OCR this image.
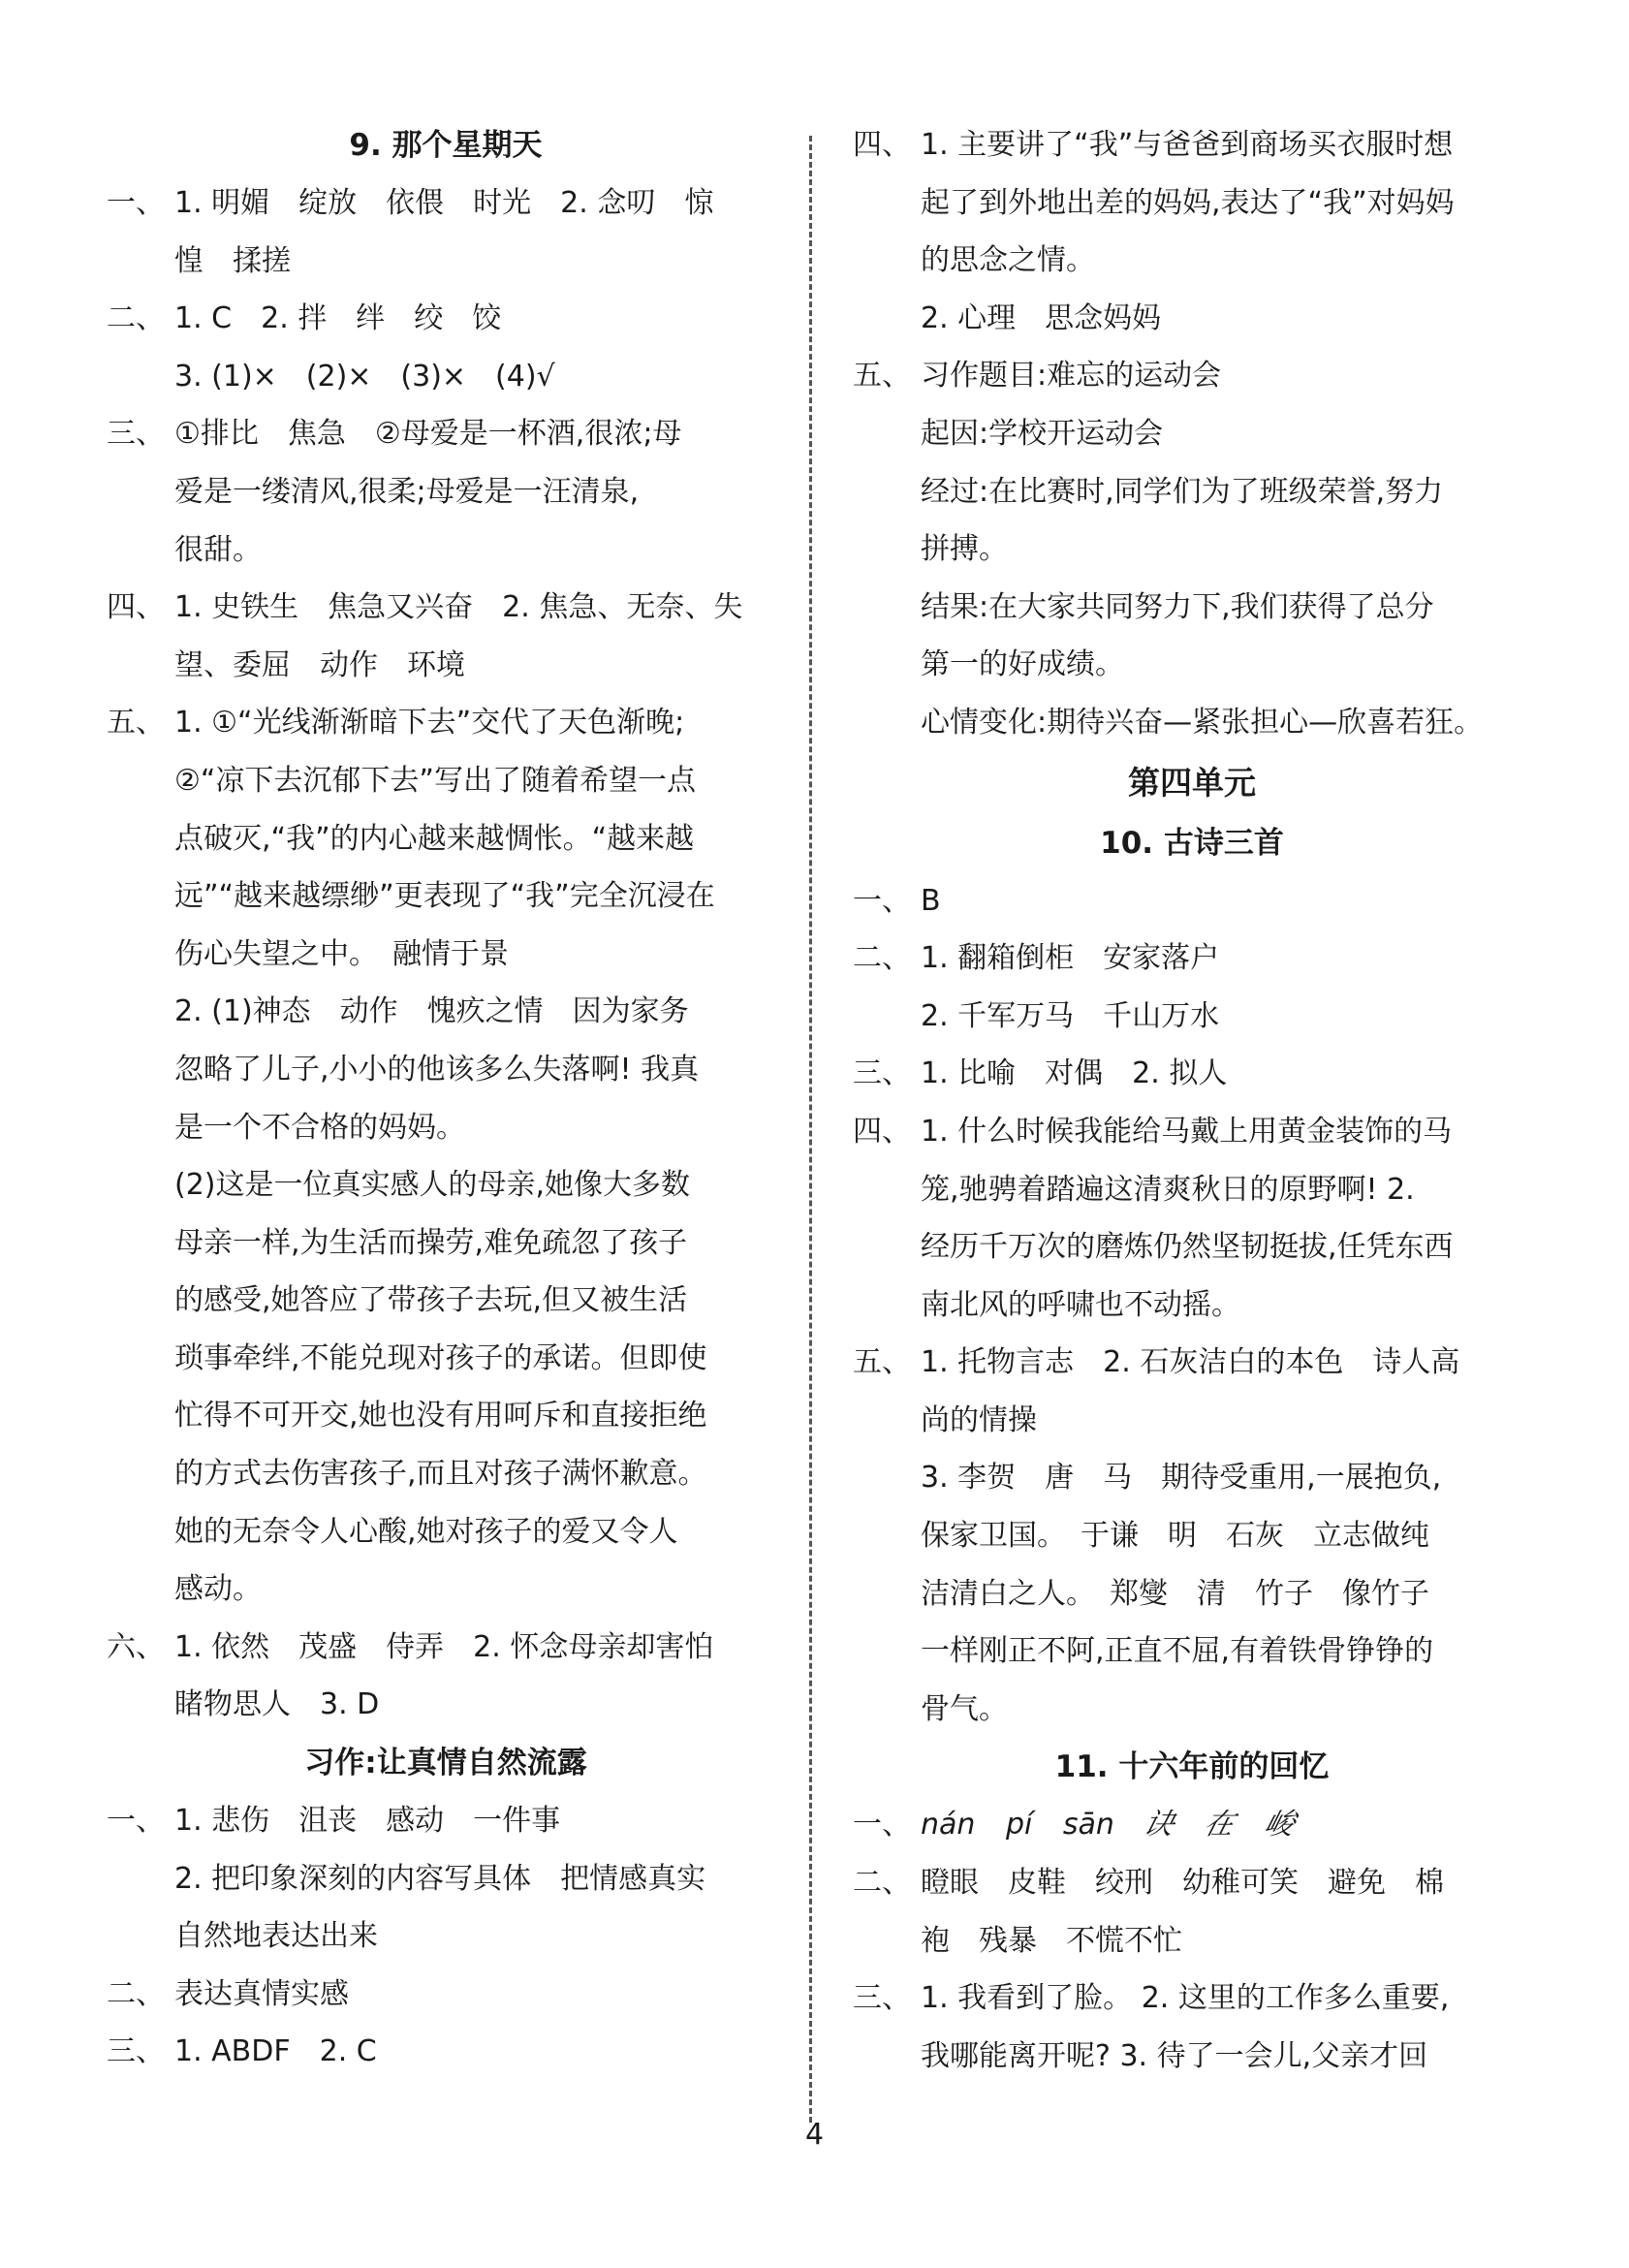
9. 那个星期天
一、 1. 明媚　绽放　依偎　时光　2. 念叨　惊
惶　揉搓
二、 1. C　2. 拌　绊　绞　饺
3. (1)×　(2)×　(3)×　(4)√
三、 ①排比　焦急　②母爱是一杯酒,很浓;母
爱是一缕清风,很柔;母爱是一汪清泉,
很甜。
四、 1. 史铁生　焦急又兴奋　2. 焦急、无奈、失
望、委屈　动作　环境
五、 1. ①“光线渐渐暗下去”交代了天色渐晚;
②“凉下去沉郁下去”写出了随着希望一点
点破灭,“我”的内心越来越惆怅。“越来越
远”“越来越缥缈”更表现了“我”完全沉浸在
伤心失望之中。　融情于景
2. (1)神态　动作　愧疚之情　因为家务
忽略了儿子,小小的他该多么失落啊! 我真
是一个不合格的妈妈。
(2)这是一位真实感人的母亲,她像大多数
母亲一样,为生活而操劳,难免疏忽了孩子
的感受,她答应了带孩子去玩,但又被生活
琐事牵绊,不能兑现对孩子的承诺。但即使
忙得不可开交,她也没有用呵斥和直接拒绝
的方式去伤害孩子,而且对孩子满怀歉意。
她的无奈令人心酸,她对孩子的爱又令人
感动。
六、 1. 依然　茂盛　侍弄　2. 怀念母亲却害怕
睹物思人　3. D
习作:让真情自然流露
一、 1. 悲伤　沮丧　感动　一件事
2. 把印象深刻的内容写具体　把情感真实
自然地表达出来
二、 表达真情实感
三、 1. ABDF　2. C
四、 1. 主要讲了“我”与爸爸到商场买衣服时想
起了到外地出差的妈妈,表达了“我”对妈妈
的思念之情。
2. 心理　思念妈妈
五、 习作题目:难忘的运动会
起因:学校开运动会
经过:在比赛时,同学们为了班级荣誉,努力
拼搏。
结果:在大家共同努力下,我们获得了总分
第一的好成绩。
心情变化:期待兴奋—紧张担心—欣喜若狂。
第四单元
10. 古诗三首
一、 B
二、 1. 翻箱倒柜　安家落户
2. 千军万马　千山万水
三、 1. 比喻　对偶　2. 拟人
四、 1. 什么时候我能给马戴上用黄金装饰的马
笼,驰骋着踏遍这清爽秋日的原野啊! 2.
经历千万次的磨炼仍然坚韧挺拔,任凭东西
南北风的呼啸也不动摇。
五、 1. 托物言志　2. 石灰洁白的本色　诗人高
尚的情操
3. 李贺　唐　马　期待受重用,一展抱负,
保家卫国。　于谦　明　石灰　立志做纯
洁清白之人。　郑燮　清　竹子　像竹子
一样刚正不阿,正直不屈,有着铁骨铮铮的
骨气。
11. 十六年前的回忆
一、 nán pí sān 诀 在 峻
二、 瞪眼　皮鞋　绞刑　幼稚可笑　避免　棉
袍　残暴　不慌不忙
三、 1. 我看到了脸。 2. 这里的工作多么重要,
我哪能离开呢? 3. 待了一会儿,父亲才回
4
